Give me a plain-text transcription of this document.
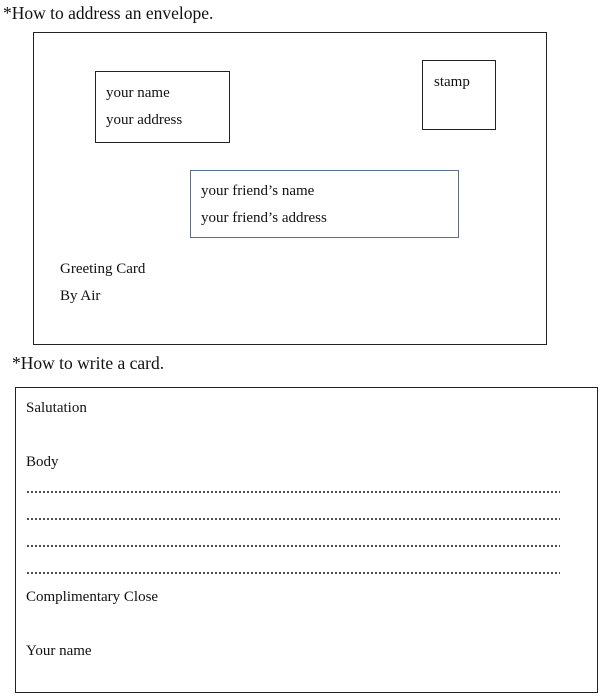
*How to address an envelope.
your name
your address
stamp
your friend’s name
your friend’s address
Greeting Card
By Air
*How to write a card.
Salutation
Body
Complimentary Close
Your name
